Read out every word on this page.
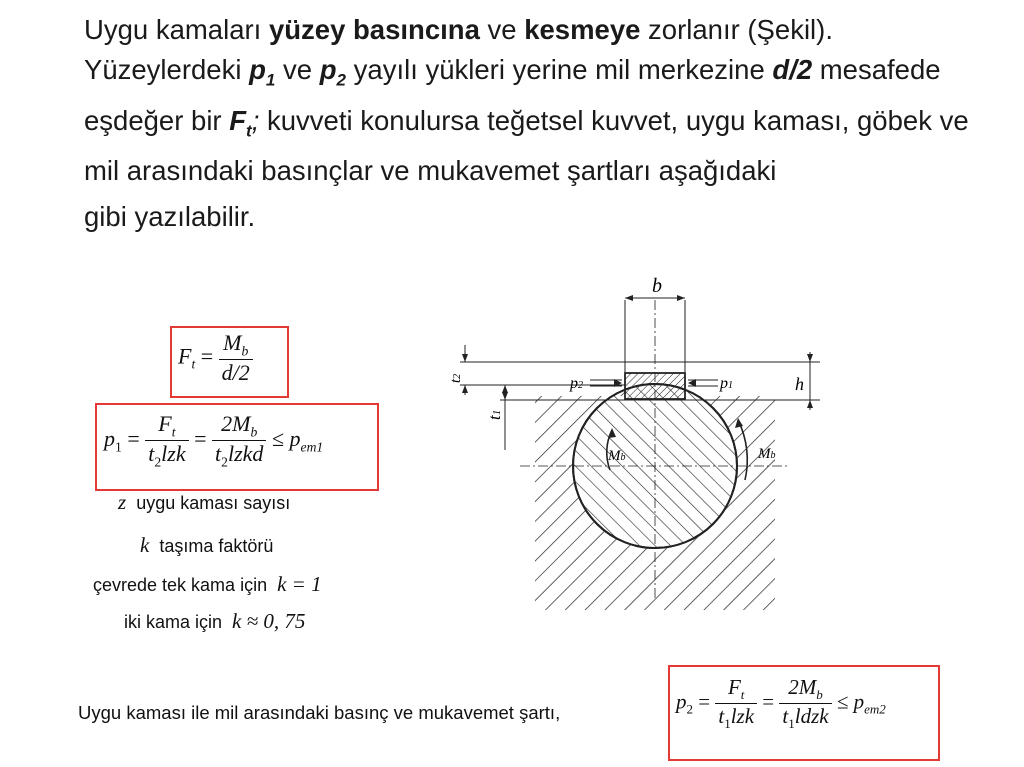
Uygu kamaları yüzey basıncına ve kesmeye zorlanır (Şekil). Yüzeylerdeki $p_1$ ve $p_2$ yayılı yükleri yerine mil merkezine d/2 mesafede eşdeğer bir $F_t$; kuvveti konulursa teğetsel kuvvet, uygu kaması, göbek ve mil arasındaki basınçlar ve mukavemet şartları aşağıdaki
gibi yazılabilir.
$F_t = \frac{M_b}{d/2}$
$p_1 = \frac{F_t}{t_2lzk} = \frac{2M_b}{t_2lzkd} \le p_{em1}$
z uygu kaması sayısı
k taşıma faktörü
çevrede tek kama için k = 1
iki kama için k ≈ 0, 75
Uygu kaması ile mil arasındaki basınç ve mukavemet şartı,	$p_2 = \frac{F_t}{t_1lzk} = \frac{2M_b}{t_1ldzk} \le p_{em2}$
b
t2
t1
h
p2	p1
Mb	Mb
